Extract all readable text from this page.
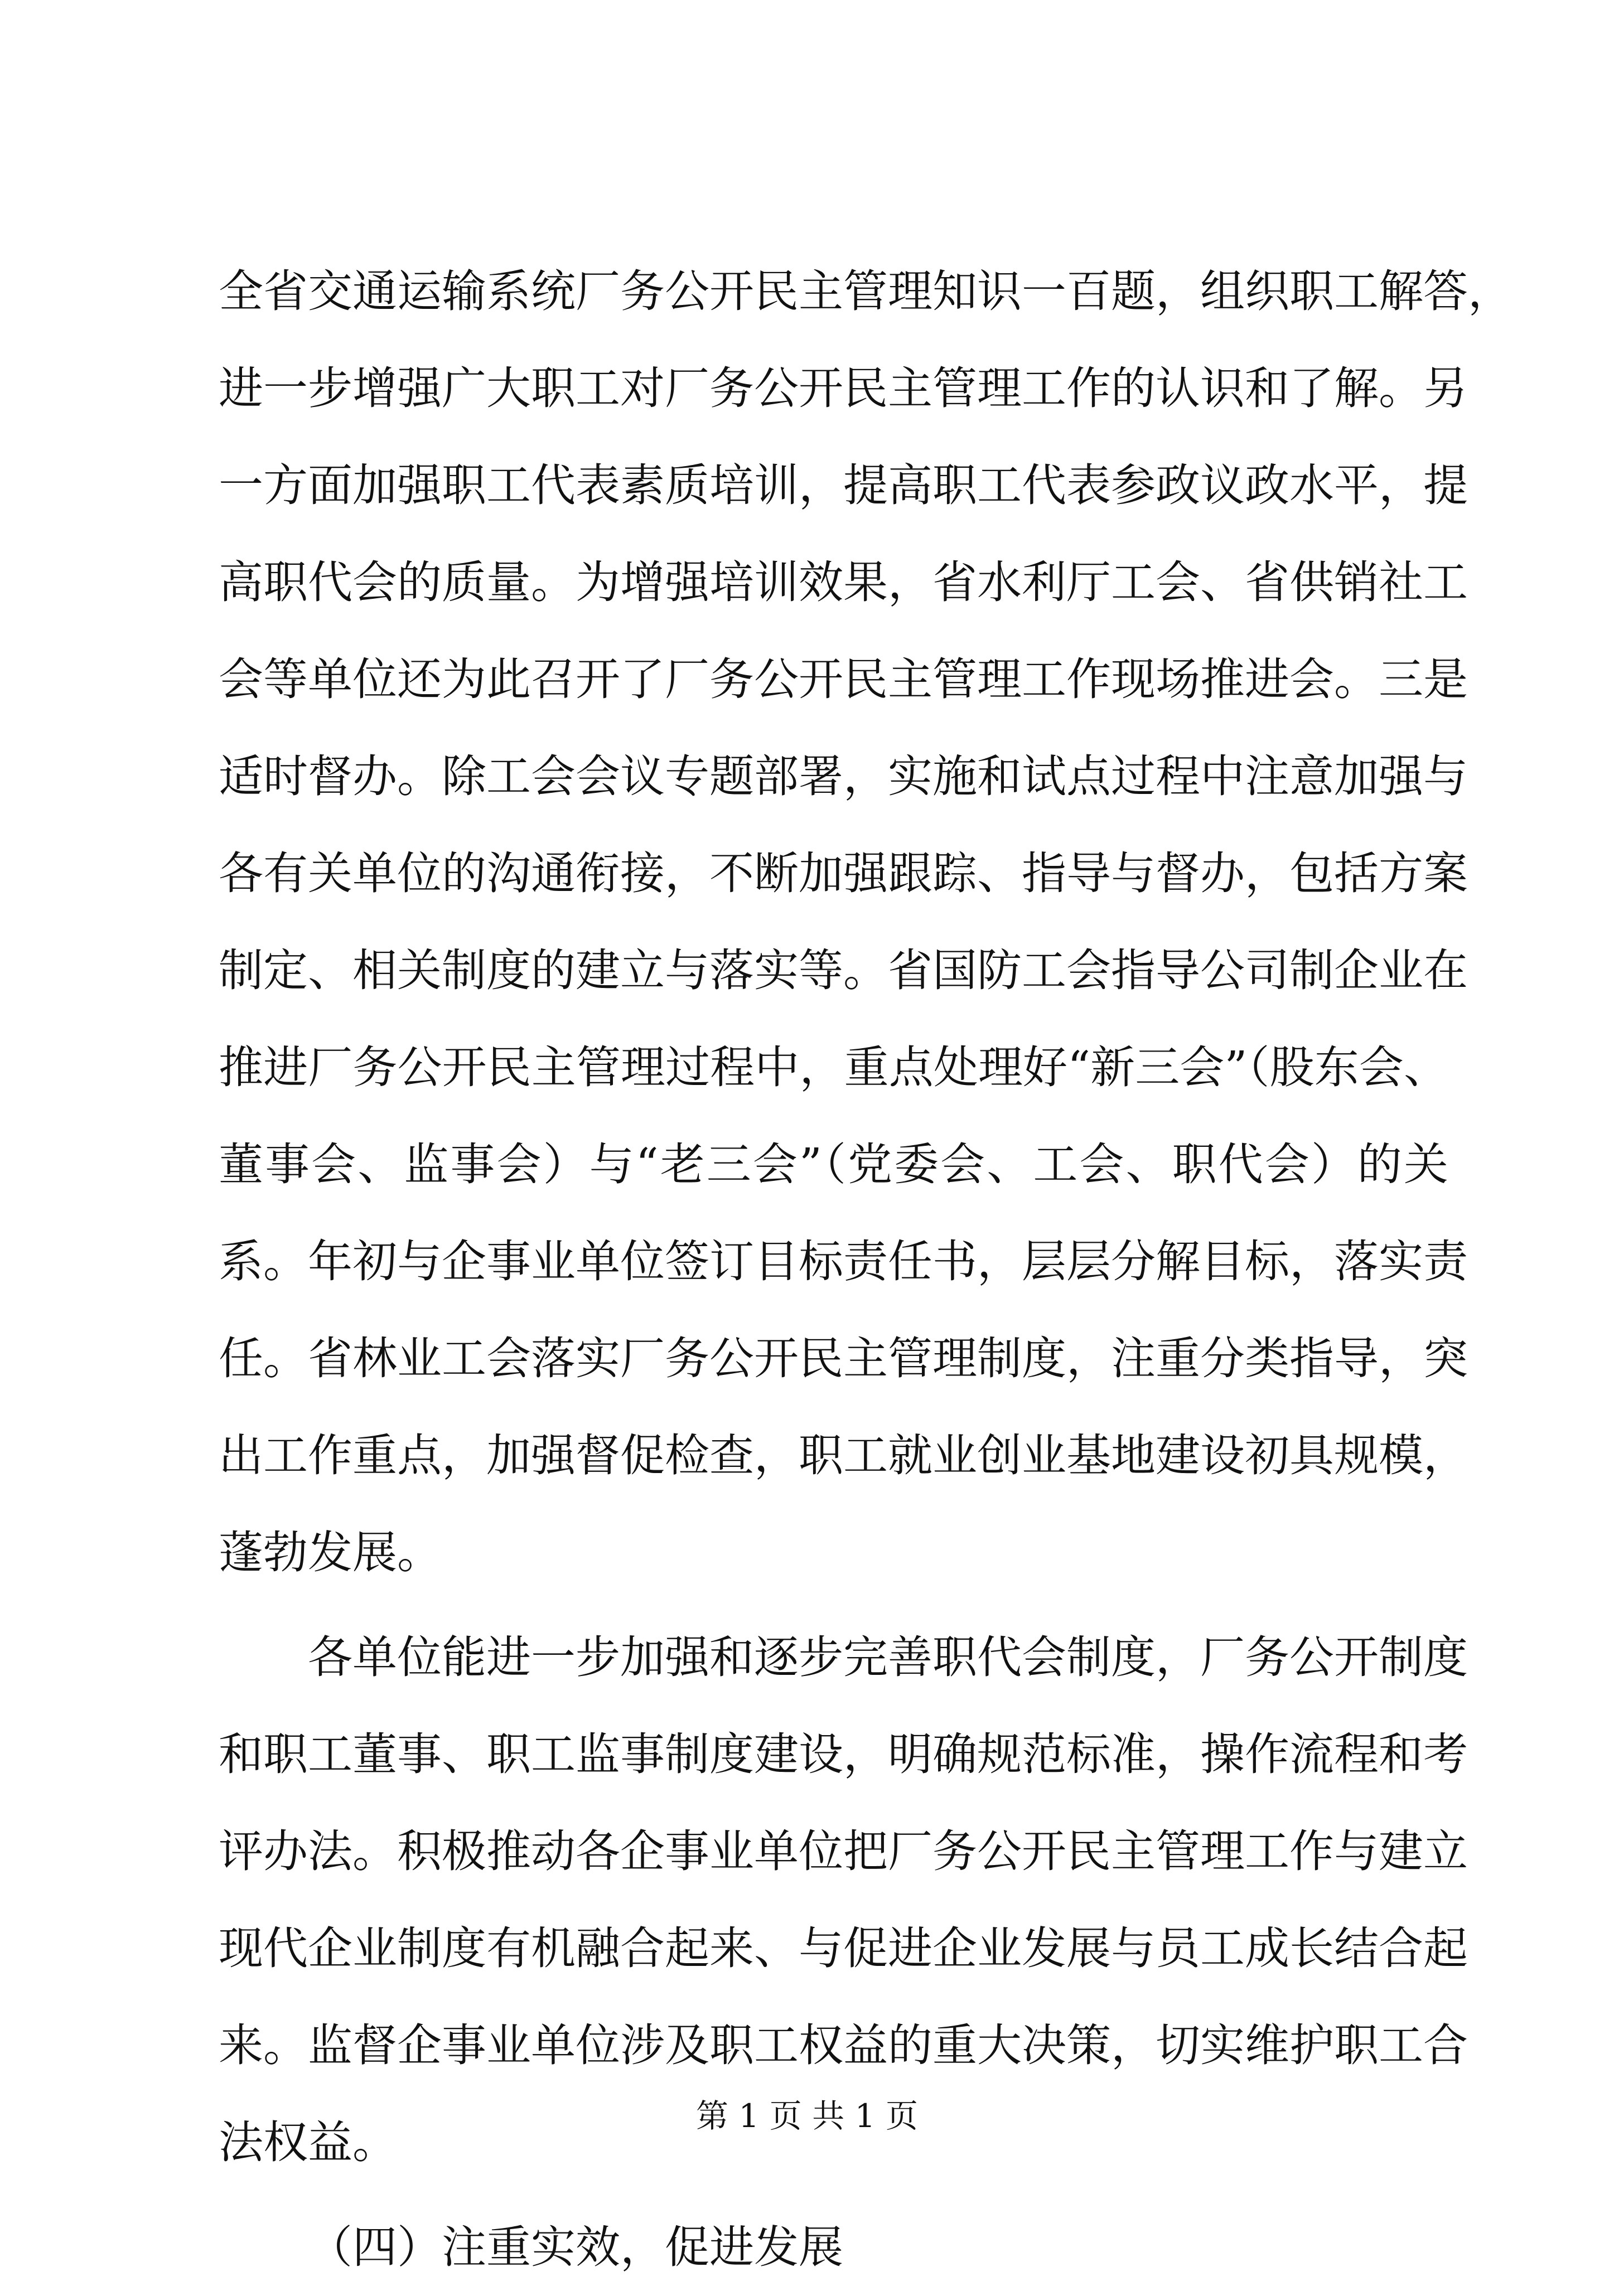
全省交通运输系统厂务公开民主管理知识一百题，组织职工解答，
进一步增强广大职工对厂务公开民主管理工作的认识和了解。另
一方面加强职工代表素质培训，提高职工代表参政议政水平，提
高职代会的质量。为增强培训效果，省水利厅工会、省供销社工
会等单位还为此召开了厂务公开民主管理工作现场推进会。三是
适时督办。除工会会议专题部署，实施和试点过程中注意加强与
各有关单位的沟通衔接，不断加强跟踪、指导与督办，包括方案
制定、相关制度的建立与落实等。省国防工会指导公司制企业在
推进厂务公开民主管理过程中，重点处理好“新三会”（股东会、
董事会、监事会）与“老三会”（党委会、工会、职代会）的关
系。年初与企事业单位签订目标责任书，层层分解目标，落实责
任。省林业工会落实厂务公开民主管理制度，注重分类指导，突
出工作重点，加强督促检查，职工就业创业基地建设初具规模，
蓬勃发展。
各单位能进一步加强和逐步完善职代会制度，厂务公开制度
和职工董事、职工监事制度建设，明确规范标准，操作流程和考
评办法。积极推动各企事业单位把厂务公开民主管理工作与建立
现代企业制度有机融合起来、与促进企业发展与员工成长结合起
来。监督企事业单位涉及职工权益的重大决策，切实维护职工合
法权益。
（四）注重实效，促进发展
第 1 页 共 1 页
